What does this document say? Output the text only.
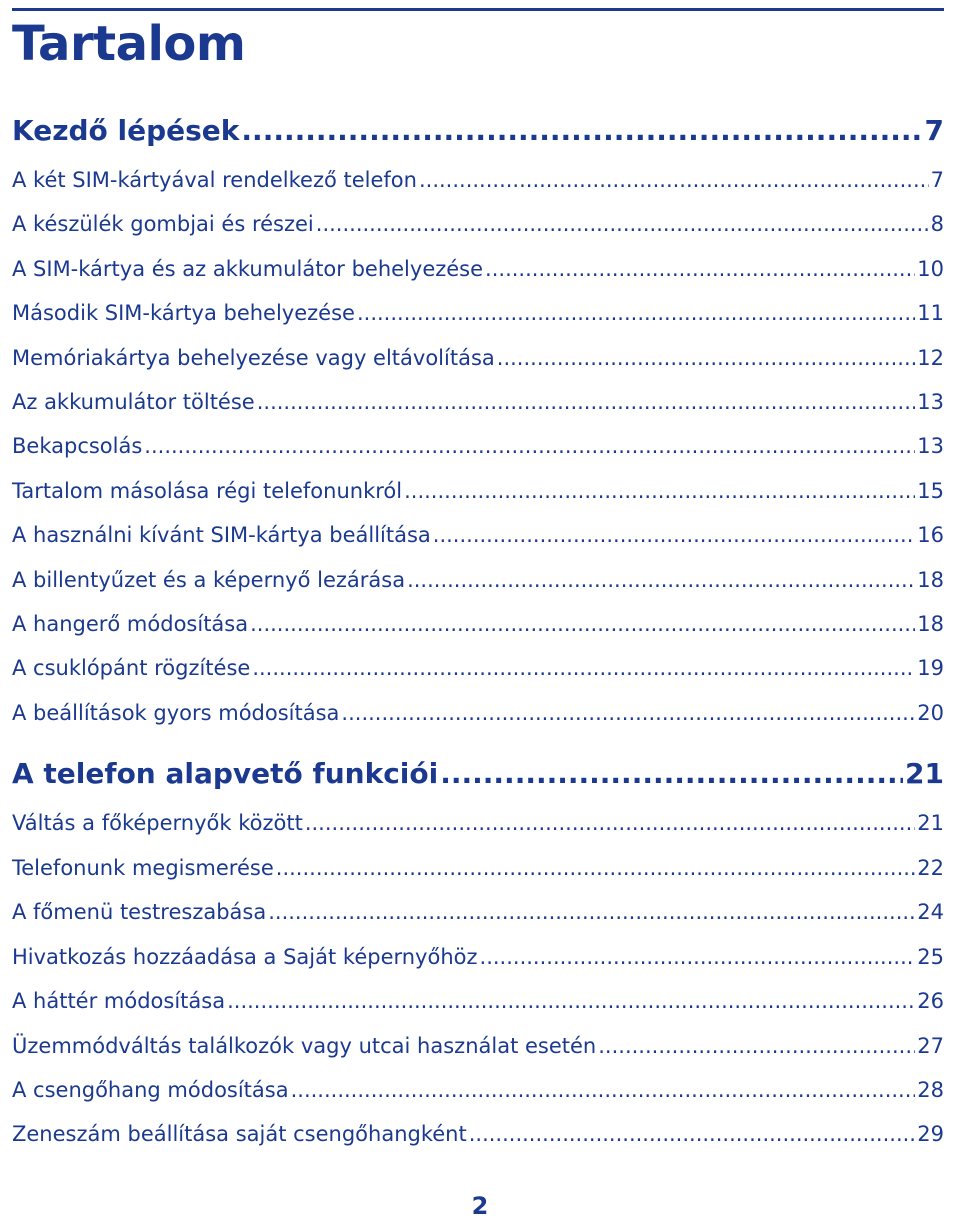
Tartalom
Kezdő lépések .....	7
A két SIM-kártyával rendelkező telefon .....	7
A készülék gombjai és részei .....	8
A SIM-kártya és az akkumulátor behelyezése .....	10
Második SIM-kártya behelyezése .....	11
Memóriakártya behelyezése vagy eltávolítása .....	12
Az akkumulátor töltése .....	13
Bekapcsolás .....	13
Tartalom másolása régi telefonunkról .....	15
A használni kívánt SIM-kártya beállítása .....	16
A billentyűzet és a képernyő lezárása .....	18
A hangerő módosítása .....	18
A csuklópánt rögzítése .....	19
A beállítások gyors módosítása .....	20
A telefon alapvető funkciói .....	21
Váltás a főképernyők között .....	21
Telefonunk megismerése .....	22
A főmenü testreszabása .....	24
Hivatkozás hozzáadása a Saját képernyőhöz .....	25
A háttér módosítása .....	26
Üzemmódváltás találkozók vagy utcai használat esetén .....	27
A csengőhang módosítása .....	28
Zeneszám beállítása saját csengőhangként .....	29
2
